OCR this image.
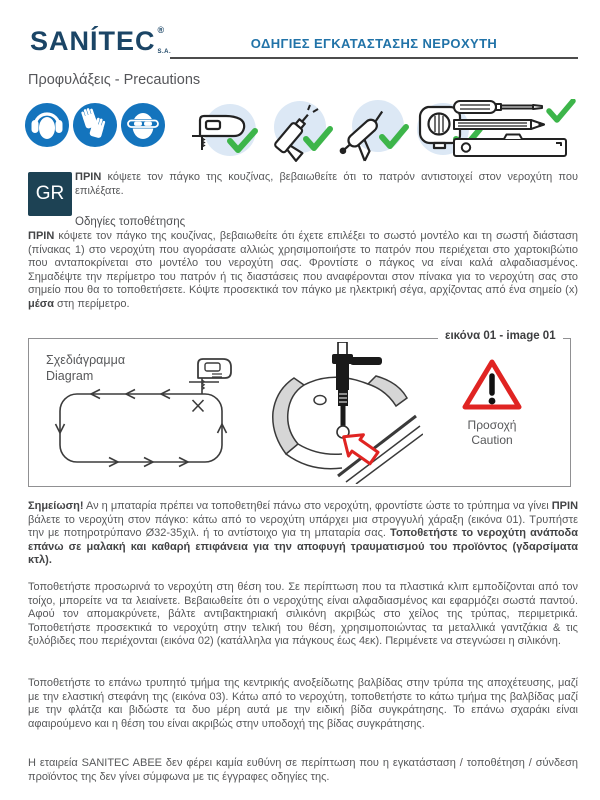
SANÍTEC ®
S.A.
ΟΔΗΓΙΕΣ ΕΓΚΑΤΑΣΤΑΣΗΣ ΝΕΡΟΧΥΤΗ
Προφυλάξεις - Precautions
GR

ΠΡΙΝ κόψετε τον πάγκο της κουζίνας, βεβαιωθείτε ότι το πατρόν αντιστοιχεί στον νεροχύτη που επιλέξατε.

Οδηγίες τοποθέτησης

ΠΡΙΝ κόψετε τον πάγκο της κουζίνας, βεβαιωθείτε ότι έχετε επιλέξει το σωστό μοντέλο και τη σωστή διάσταση (πίνακας 1) στο νεροχύτη που αγοράσατε αλλιώς χρησιμοποιήστε το πατρόν που περιέχεται στο χαρτοκιβώτιο που ανταποκρίνεται στο μοντέλο του νεροχύτη σας. Φροντίστε ο πάγκος να είναι καλά αλφαδιασμένος. Σημαδέψτε την περίμετρο του πατρόν ή τις διαστάσεις που αναφέρονται στον πίνακα για το νεροχύτη σας στο σημείο που θα το τοποθετήσετε. Κόψτε προσεκτικά τον πάγκο με ηλεκτρική σέγα, αρχίζοντας από ένα σημείο (x) μέσα στη περίμετρο.

εικόνα 01 - image 01
Σχεδιάγραμμα
Diagram
Προσοχή
Caution

Σημείωση! Αν η μπαταρία πρέπει να τοποθετηθεί πάνω στο νεροχύτη, φροντίστε ώστε το τρύπημα να γίνει ΠΡΙΝ βάλετε το νεροχύτη στον πάγκο: κάτω από το νεροχύτη υπάρχει μια στρογγυλή χάραξη (εικόνα 01). Τρυπήστε την με ποτηροτρύπανο Ø32-35χιλ. ή το αντίστοιχο για τη μπαταρία σας. Τοποθετήστε το νεροχύτη ανάποδα επάνω σε μαλακή και καθαρή επιφάνεια για την αποφυγή τραυματισμού του προϊόντος (γδαρσίματα κτλ).

Τοποθετήστε προσωρινά το νεροχύτη στη θέση του. Σε περίπτωση που τα πλαστικά κλιπ εμποδίζονται από τον τοίχο, μπορείτε να τα λειαίνετε. Βεβαιωθείτε ότι ο νεροχύτης είναι αλφαδιασμένος και εφαρμόζει σωστά παντού. Αφού τον απομακρύνετε, βάλτε αντιβακτηριακή σιλικόνη ακριβώς στο χείλος της τρύπας, περιμετρικά. Τοποθετήστε προσεκτικά το νεροχύτη στην τελική του θέση, χρησιμοποιώντας τα μεταλλικά γαντζάκια & τις ξυλόβιδες που περιέχονται (εικόνα 02) (κατάλληλα για πάγκους έως 4εκ). Περιμένετε να στεγνώσει η σιλικόνη.

Τοποθετήστε το επάνω τρυπητό τμήμα της κεντρικής ανοξείδωτης βαλβίδας στην τρύπα της αποχέτευσης, μαζί με την ελαστική στεφάνη της (εικόνα 03). Κάτω από το νεροχύτη, τοποθετήστε το κάτω τμήμα της βαλβίδας μαζί με την φλάτζα και βιδώστε τα δυο μέρη αυτά με την ειδική βίδα συγκράτησης. Το επάνω σχαράκι είναι αφαιρούμενο και η θέση του είναι ακριβώς στην υποδοχή της βίδας συγκράτησης.

Η εταιρεία SANITEC ABEE δεν φέρει καμία ευθύνη σε περίπτωση που η εγκατάσταση / τοποθέτηση / σύνδεση προϊόντος της δεν γίνει σύμφωνα με τις έγγραφες οδηγίες της.
